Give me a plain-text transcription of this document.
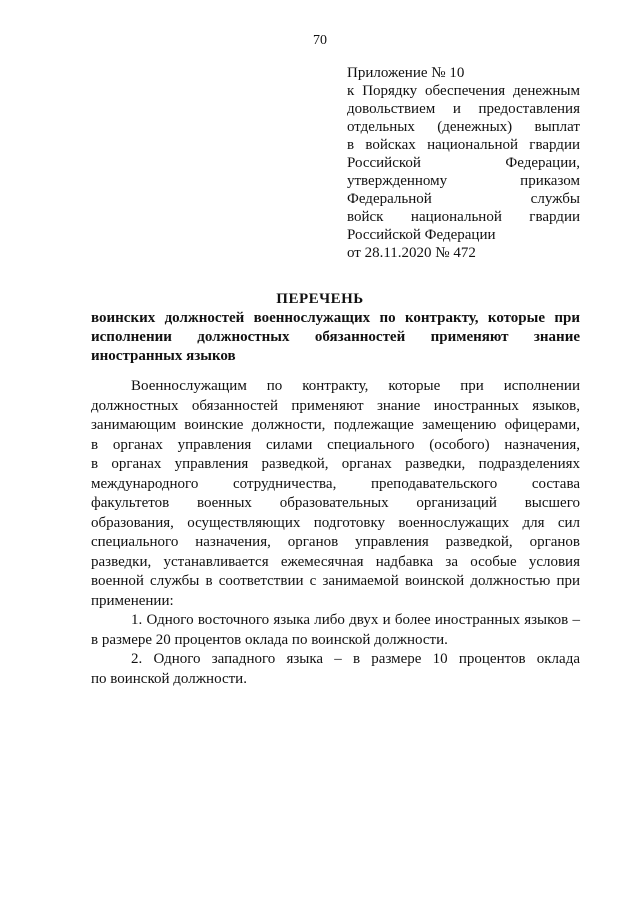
70
Приложение № 10
к Порядку обеспечения денежным
довольствием и предоставления
отдельных (денежных) выплат
в войсках национальной гвардии
Российской Федерации,
утвержденному приказом
Федеральной службы
войск национальной гвардии
Российской Федерации
от 28.11.2020 № 472
ПЕРЕЧЕНЬ
воинских должностей военнослужащих по контракту, которые при
исполнении должностных обязанностей применяют знание
иностранных языков
Военнослужащим по контракту, которые при исполнении
должностных обязанностей применяют знание иностранных языков,
занимающим воинские должности, подлежащие замещению офицерами,
в органах управления силами специального (особого) назначения,
в органах управления разведкой, органах разведки, подразделениях
международного сотрудничества, преподавательского состава
факультетов военных образовательных организаций высшего
образования, осуществляющих подготовку военнослужащих для сил
специального назначения, органов управления разведкой, органов
разведки, устанавливается ежемесячная надбавка за особые условия
военной службы в соответствии с занимаемой воинской должностью при
применении:
1. Одного восточного языка либо двух и более иностранных языков –
в размере 20 процентов оклада по воинской должности.
2. Одного западного языка – в размере 10 процентов оклада
по воинской должности.
